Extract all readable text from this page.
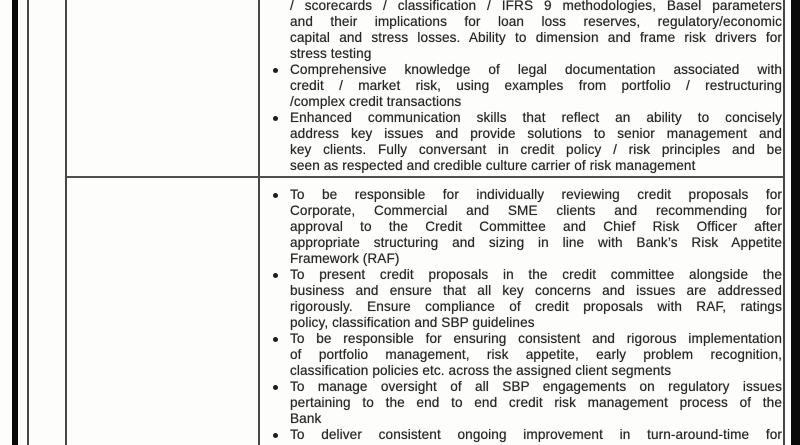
/ scorecards / classification / IFRS 9 methodologies, Basel parameters
and their implications for loan loss reserves, regulatory/economic
capital and stress losses. Ability to dimension and frame risk drivers for
stress testing
Comprehensive knowledge of legal documentation associated with
credit / market risk, using examples from portfolio / restructuring
/complex credit transactions
Enhanced communication skills that reflect an ability to concisely
address key issues and provide solutions to senior management and
key clients. Fully conversant in credit policy / risk principles and be
seen as respected and credible culture carrier of risk management
To be responsible for individually reviewing credit proposals for
Corporate, Commercial and SME clients and recommending for
approval to the Credit Committee and Chief Risk Officer after
appropriate structuring and sizing in line with Bank’s Risk Appetite
Framework (RAF)
To present credit proposals in the credit committee alongside the
business and ensure that all key concerns and issues are addressed
rigorously. Ensure compliance of credit proposals with RAF, ratings
policy, classification and SBP guidelines
To be responsible for ensuring consistent and rigorous implementation
of portfolio management, risk appetite, early problem recognition,
classification policies etc. across the assigned client segments
To manage oversight of all SBP engagements on regulatory issues
pertaining to the end to end credit risk management process of the
Bank
To deliver consistent ongoing improvement in turn-around-time for
